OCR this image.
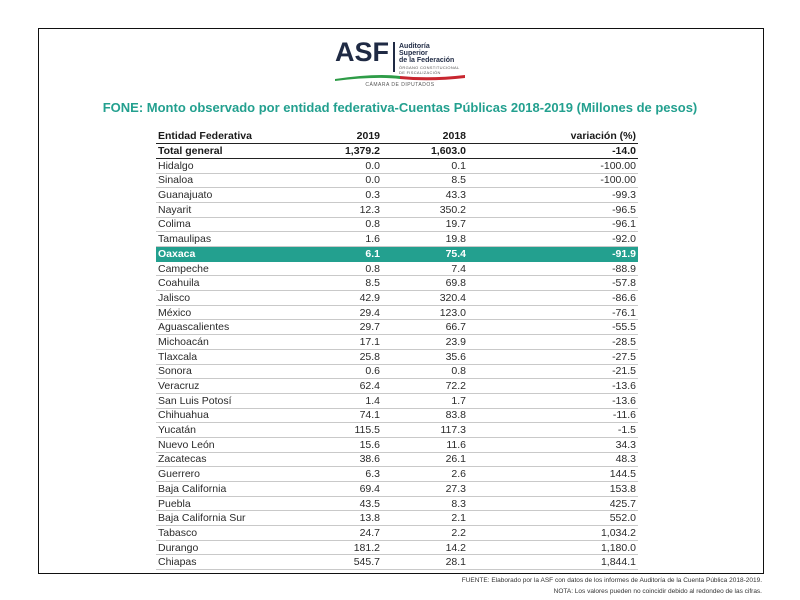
ASF Auditoría
Superior
de la Federación
ÓRGANO CONSTITUCIONAL
DE FISCALIZACIÓN
CÁMARA DE DIPUTADOS
FONE: Monto observado por entidad federativa-Cuentas Públicas 2018-2019 (Millones de pesos)
Entidad Federativa	2019	2018	variación (%)
Total general	1,379.2	1,603.0	-14.0
Hidalgo	0.0	0.1	-100.00
Sinaloa	0.0	8.5	-100.00
Guanajuato	0.3	43.3	-99.3
Nayarit	12.3	350.2	-96.5
Colima	0.8	19.7	-96.1
Tamaulipas	1.6	19.8	-92.0
Oaxaca	6.1	75.4	-91.9
Campeche	0.8	7.4	-88.9
Coahuila	8.5	69.8	-57.8
Jalisco	42.9	320.4	-86.6
México	29.4	123.0	-76.1
Aguascalientes	29.7	66.7	-55.5
Michoacán	17.1	23.9	-28.5
Tlaxcala	25.8	35.6	-27.5
Sonora	0.6	0.8	-21.5
Veracruz	62.4	72.2	-13.6
San Luis Potosí	1.4	1.7	-13.6
Chihuahua	74.1	83.8	-11.6
Yucatán	115.5	117.3	-1.5
Nuevo León	15.6	11.6	34.3
Zacatecas	38.6	26.1	48.3
Guerrero	6.3	2.6	144.5
Baja California	69.4	27.3	153.8
Puebla	43.5	8.3	425.7
Baja California Sur	13.8	2.1	552.0
Tabasco	24.7	2.2	1,034.2
Durango	181.2	14.2	1,180.0
Chiapas	545.7	28.1	1,844.1
FUENTE: Elaborado por la ASF con datos de los informes de Auditoría de la Cuenta Pública 2018-2019.
NOTA: Los valores pueden no coincidir debido al redondeo de las cifras.
